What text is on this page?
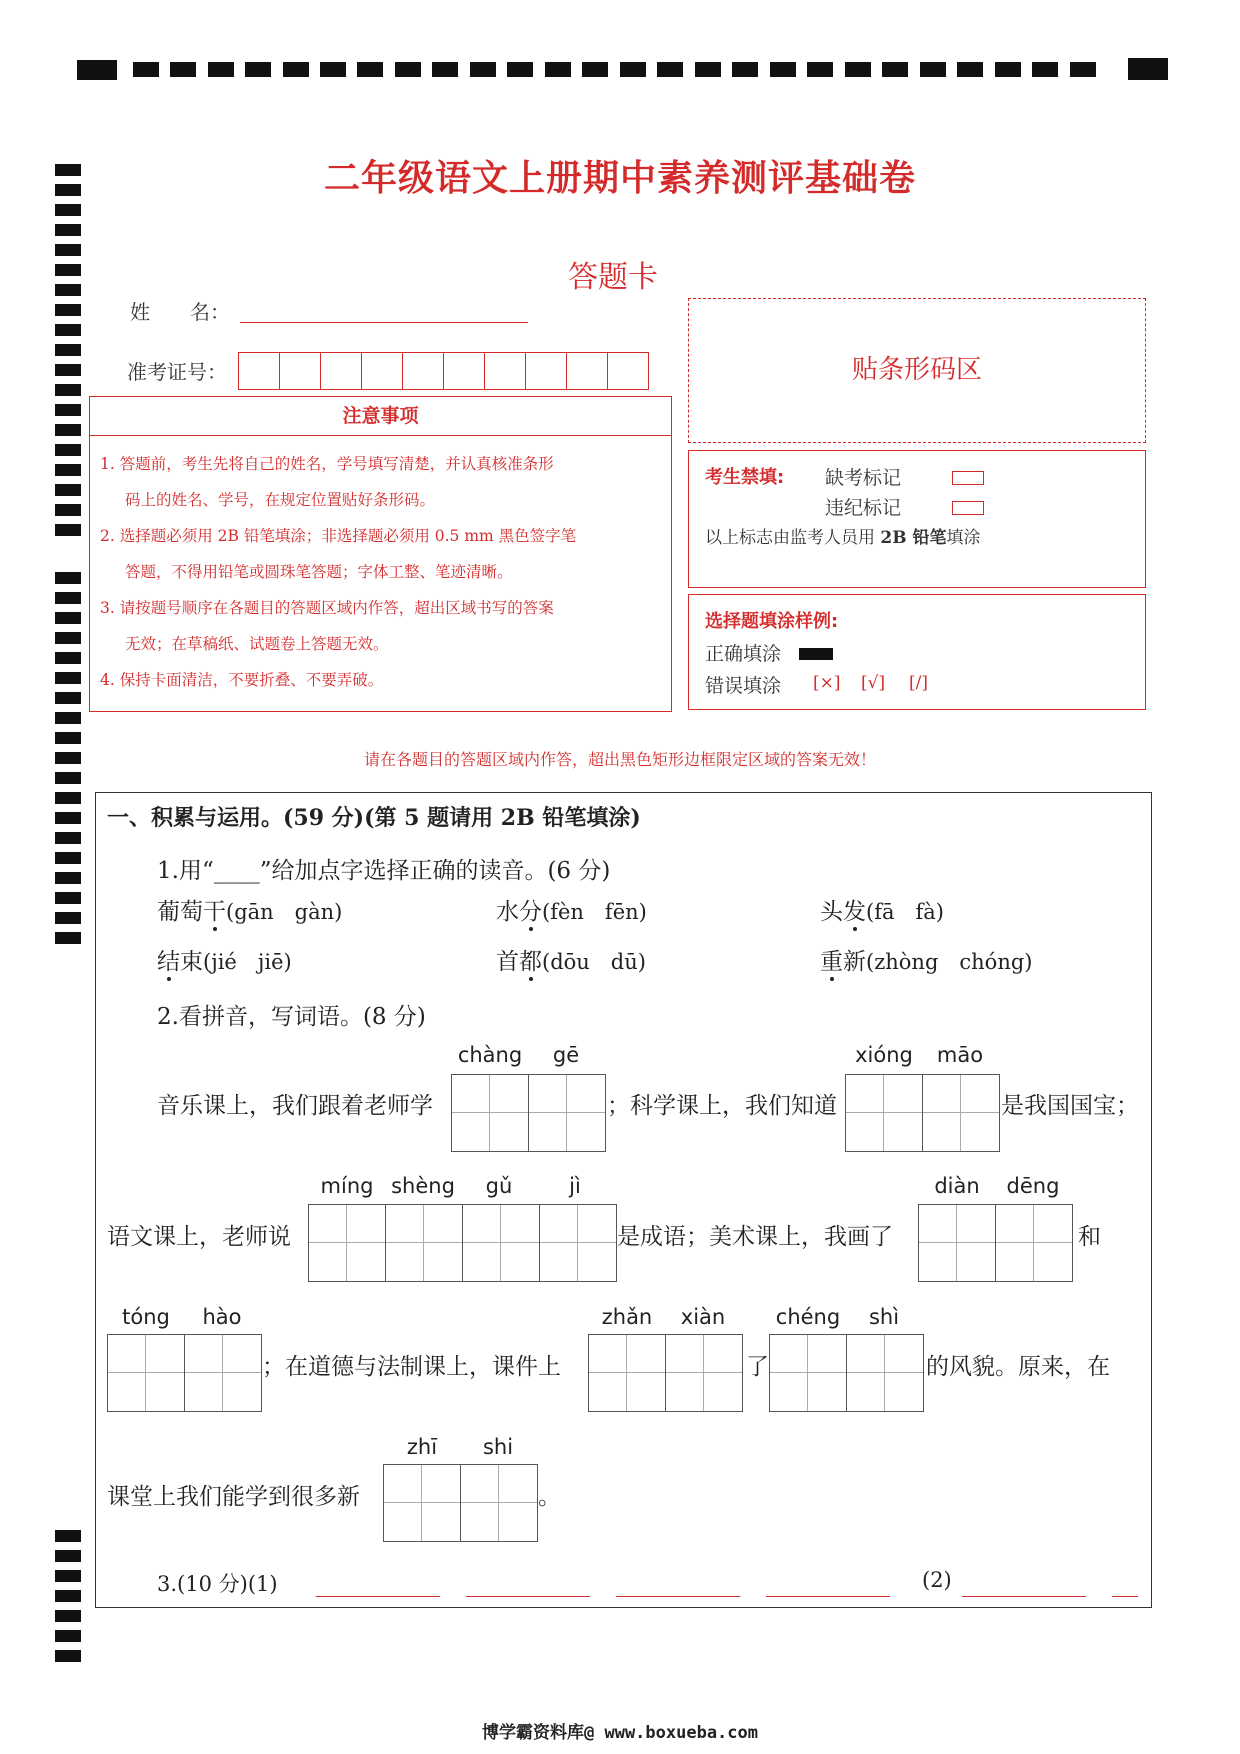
二年级语文上册期中素养测评基础卷
答题卡
姓　　名：
准考证号：
注意事项
1. 答题前，考生先将自己的姓名，学号填写清楚，并认真核准条形
码上的姓名、学号，在规定位置贴好条形码。
2. 选择题必须用 2B 铅笔填涂；非选择题必须用 0.5 mm 黑色签字笔
答题，不得用铅笔或圆珠笔答题；字体工整、笔迹清晰。
3. 请按题号顺序在各题目的答题区域内作答，超出区域书写的答案
无效；在草稿纸、试题卷上答题无效。
4. 保持卡面清洁，不要折叠、不要弄破。
贴条形码区
考生禁填: 缺考标记
违纪标记
以上标志由监考人员用 2B 铅笔填涂
选择题填涂样例:
正确填涂
错误填涂 [×] [√] [/]
请在各题目的答题区域内作答，超出黑色矩形边框限定区域的答案无效！
一、积累与运用。(59 分)(第 5 题请用 2B 铅笔填涂)
1.用“____”给加点字选择正确的读音。(6 分)
葡萄干(gān　gàn)	水分(fèn　fēn)	头发(fā　fà)
结束(jié　jiē)	首都(dōu　dū)	重新(zhòng　chóng)
2.看拼音，写词语。(8 分)
音乐课上，我们跟着老师学
chàng	gē
；科学课上，我们知道
xióng	māo
是我国国宝；
语文课上，老师说
míng shèng	gǔ	jì
是成语；美术课上，我画了
diàn	dēng
和
tóng	hào
；在道德与法制课上，课件上
zhǎn	xiàn
了
chéng	shì
的风貌。原来，在
课堂上我们能学到很多新
zhī	shi
。
3.(10 分)(1)	(2)
博学霸资料库@ www.boxueba.com
